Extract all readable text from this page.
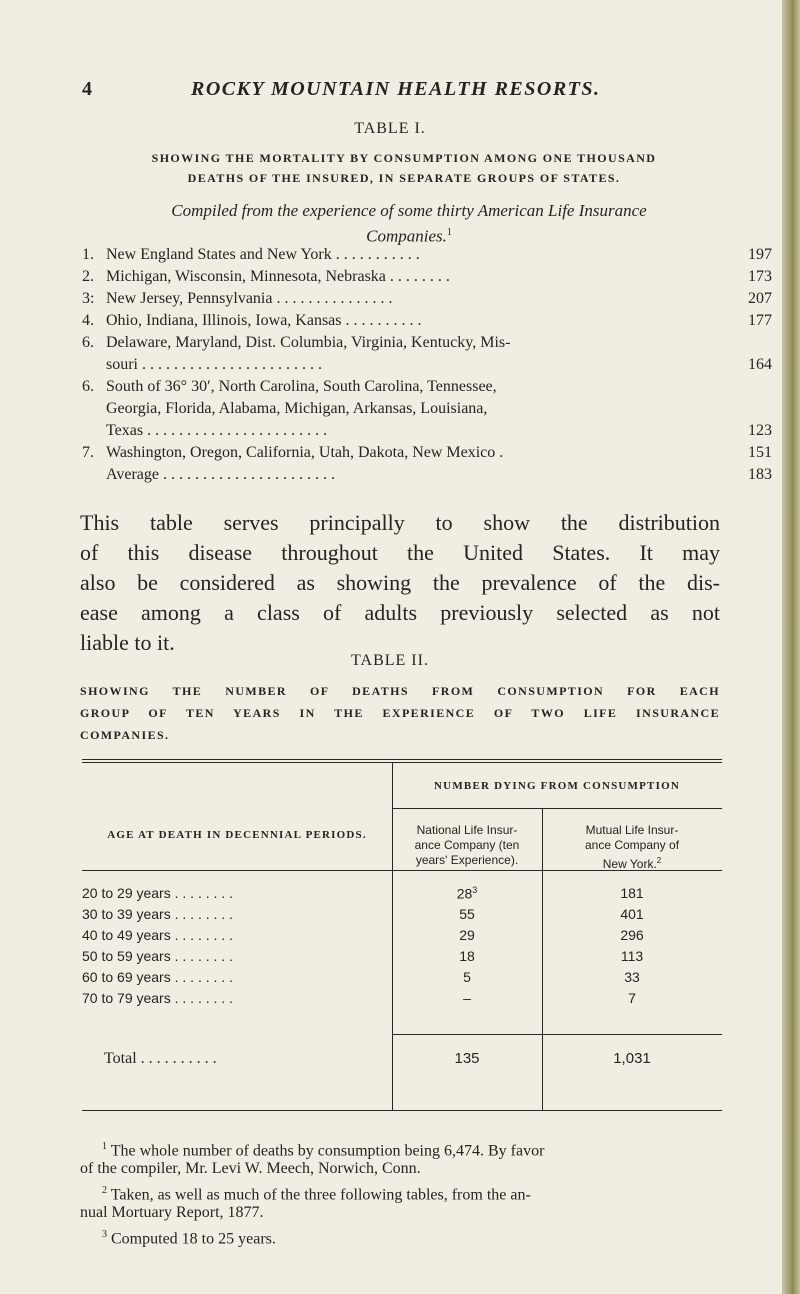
4	ROCKY MOUNTAIN HEALTH RESORTS.
TABLE I.
SHOWING THE MORTALITY BY CONSUMPTION AMONG ONE THOUSAND
DEATHS OF THE INSURED, IN SEPARATE GROUPS OF STATES.
Compiled from the experience of some thirty American Life Insurance
Companies.$^1$
1. New England States and New York . . . . . . . . . . .	197
2. Michigan, Wisconsin, Minnesota, Nebraska . . . . . . . .	173
3: New Jersey, Pennsylvania . . . . . . . . . . . . . . .	207
4. Ohio, Indiana, Illinois, Iowa, Kansas . . . . . . . . . .	177
6. Delaware, Maryland, Dist. Columbia, Virginia, Kentucky, Mis-
souri . . . . . . . . . . . . . . . . . . . . . . .	164
6. South of 36° 30′, North Carolina, South Carolina, Tennessee,
Georgia, Florida, Alabama, Michigan, Arkansas, Louisiana,
Texas . . . . . . . . . . . . . . . . . . . . . . .	123
7. Washington, Oregon, California, Utah, Dakota, New Mexico .	151
Average . . . . . . . . . . . . . . . . . . . . . .	183
This table serves principally to show the distribution
of this disease throughout the United States. It may
also be considered as showing the prevalence of the dis-
ease among a class of adults previously selected as not
liable to it.
TABLE II.
SHOWING THE NUMBER OF DEATHS FROM CONSUMPTION FOR EACH
GROUP OF TEN YEARS IN THE EXPERIENCE OF TWO LIFE INSURANCE
COMPANIES.
NUMBER DYING FROM CONSUMPTION
AGE AT DEATH IN DECENNIAL PERIODS.	National Life Insur-
ance Company (ten
years' Experience).
Mutual Life Insur-
ance Company of
New York.$^2$
20 to 29 years . . . . . . . .	$28^3$	181
30 to 39 years . . . . . . . .	55	401
40 to 49 years . . . . . . . .	29	296
50 to 59 years . . . . . . . .	18	113
60 to 69 years . . . . . . . .	5	33
70 to 79 years . . . . . . . .	–	7
Total . . . . . . . . . .	135	1,031
$^1$ The whole number of deaths by consumption being 6,474. By favor
of the compiler, Mr. Levi W. Meech, Norwich, Conn.
$^2$ Taken, as well as much of the three following tables, from the an-
nual Mortuary Report, 1877.
$^3$ Computed 18 to 25 years.
